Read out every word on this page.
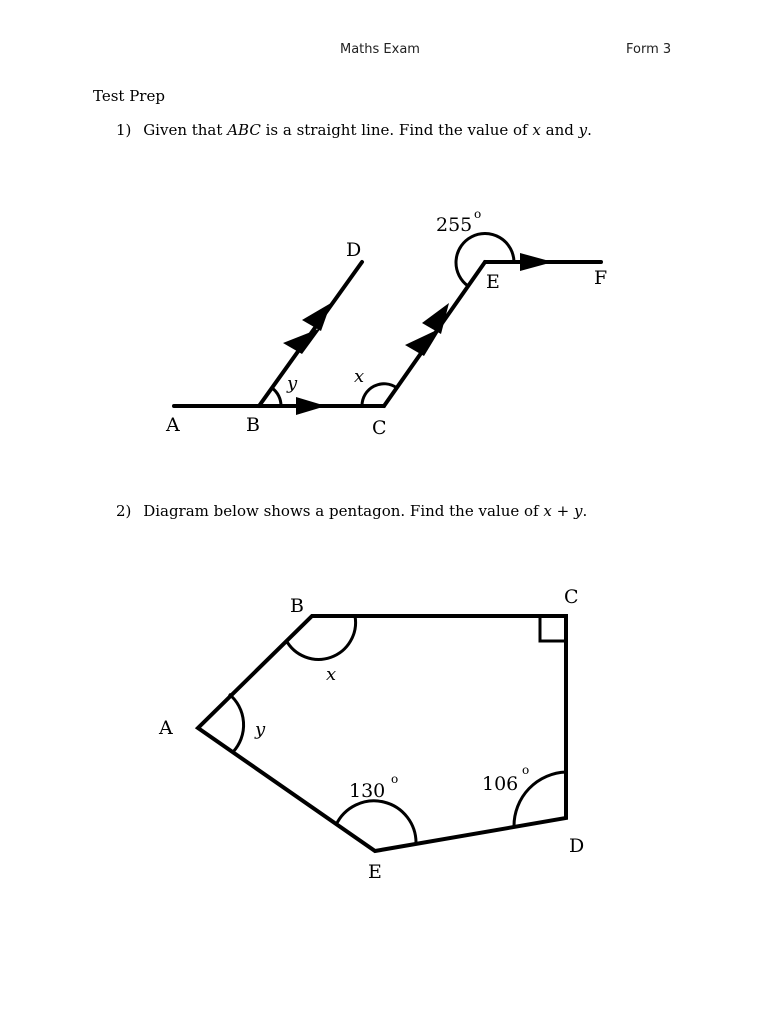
Maths Exam	Form 3
Test Prep
1) Given that ABC is a straight line. Find the value of x and y.
A	B	C
D
E	F
y	x
255 o
2) Diagram below shows a pentagon. Find the value of x + y.
A
B	C
D
E
x
y
130
o	106
o
